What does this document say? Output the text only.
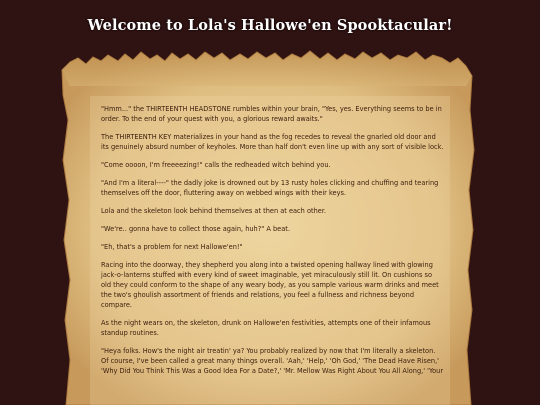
Welcome to Lola's Hallowe'en Spooktacular!

"Hmm..." the THIRTEENTH HEADSTONE rumbles within your brain, "Yes, yes. Everything seems to be in order. To the end of your quest with you, a glorious reward awaits."

The THIRTEENTH KEY materializes in your hand as the fog recedes to reveal the gnarled old door and its genuinely absurd number of keyholes. More than half don't even line up with any sort of visible lock.

"Come oooon, I'm freeeezing!" calls the redheaded witch behind you.

"And I'm a literal----" the dadly joke is drowned out by 13 rusty holes clicking and chuffing and tearing themselves off the door, fluttering away on webbed wings with their keys.

Lola and the skeleton look behind themselves at then at each other.

"We're.. gonna have to collect those again, huh?" A beat.

"Eh, that's a problem for next Hallowe'en!"

Racing into the doorway, they shepherd you along into a twisted opening hallway lined with glowing jack-o-lanterns stuffed with every kind of sweet imaginable, yet miraculously still lit. On cushions so old they could conform to the shape of any weary body, as you sample various warm drinks and meet the two's ghoulish assortment of friends and relations, you feel a fullness and richness beyond compare.

As the night wears on, the skeleton, drunk on Hallowe'en festivities, attempts one of their infamous standup routines.

"Heya folks. How's the night air treatin' ya? You probably realized by now that I'm literally a skeleton. Of course, I've been called a great many things overall. 'Aah,' 'Help,' 'Oh God,' 'The Dead Have Risen,' 'Why Did You Think This Was a Good Idea For a Date?,' 'Mr. Mellow Was Right About You All Along,' 'Your
